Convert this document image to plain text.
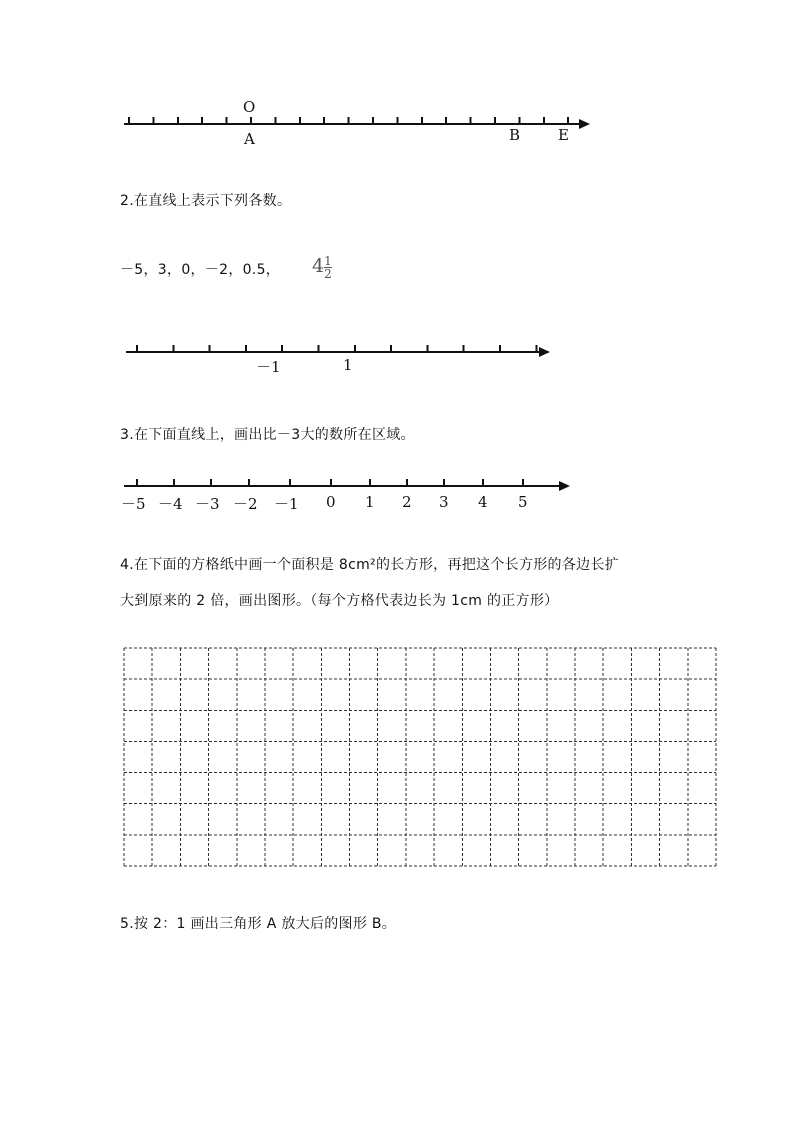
O
A	B	E
2.在直线上表示下列各数。
－5，3，0，－2，0.5， $4 \frac{1}{2}$
－1	1
3.在下面直线上，画出比－3大的数所在区域。
－5 －4 －3 －2 －1 0 1 2 3 4 5
4.在下面的方格纸中画一个面积是 8cm²的长方形，再把这个长方形的各边长扩
大到原来的 2 倍，画出图形。（每个方格代表边长为 1cm 的正方形）
5.按 2：1 画出三角形 A 放大后的图形 B。
